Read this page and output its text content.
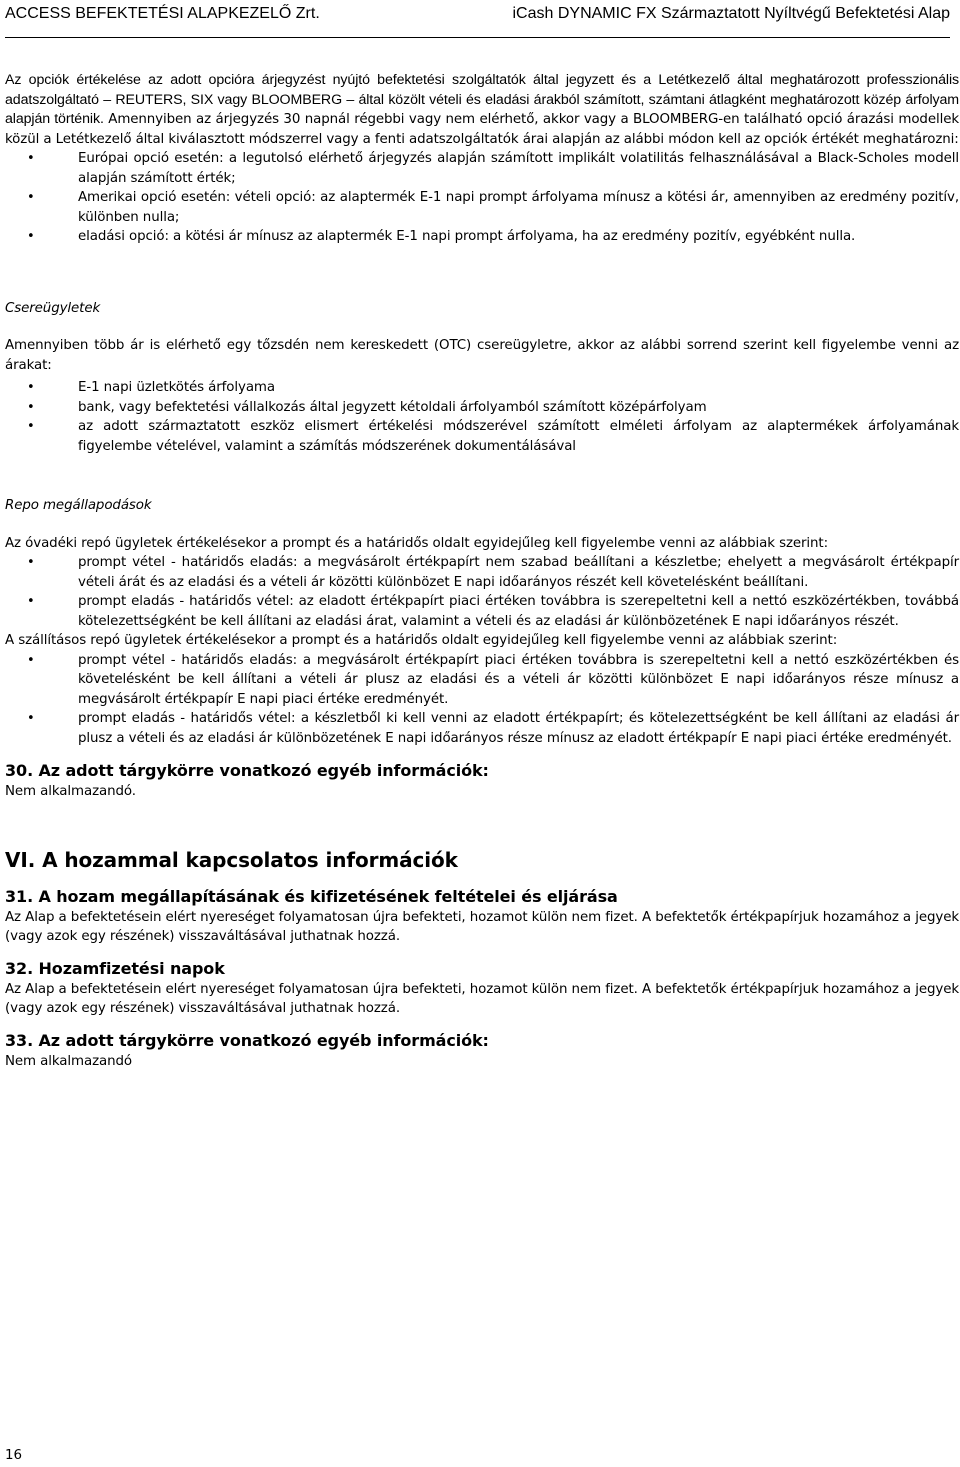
ACCESS BEFEKTETÉSI ALAPKEZELŐ Zrt.	iCash DYNAMIC FX Származtatott Nyíltvégű Befektetési Alap

Az opciók értékelése az adott opcióra árjegyzést nyújtó befektetési szolgáltatók által jegyzett és a Letétkezelő által meghatározott professzionális adatszolgáltató – REUTERS, SIX vagy BLOOMBERG – által közölt vételi és eladási árakból számított, számtani átlagként meghatározott közép árfolyam alapján történik. Amennyiben az árjegyzés 30 napnál régebbi vagy nem elérhető, akkor vagy a BLOOMBERG-en található opció árazási modellek közül a Letétkezelő által kiválasztott módszerrel vagy a fenti adatszolgáltatók árai alapján az alábbi módon kell az opciók értékét meghatározni:

• Európai opció esetén: a legutolsó elérhető árjegyzés alapján számított implikált volatilitás felhasználásával a Black-Scholes modell alapján számított érték;
• Amerikai opció esetén: vételi opció: az alaptermék E-1 napi prompt árfolyama mínusz a kötési ár, amennyiben az eredmény pozitív, különben nulla;
• eladási opció: a kötési ár mínusz az alaptermék E-1 napi prompt árfolyama, ha az eredmény pozitív, egyébként nulla.

Csereügyletek

Amennyiben több ár is elérhető egy tőzsdén nem kereskedett (OTC) csereügyletre, akkor az alábbi sorrend szerint kell figyelembe venni az árakat:

• E-1 napi üzletkötés árfolyama
• bank, vagy befektetési vállalkozás által jegyzett kétoldali árfolyamból számított középárfolyam
• az adott származtatott eszköz elismert értékelési módszerével számított elméleti árfolyam az alaptermékek árfolyamának figyelembe vételével, valamint a számítás módszerének dokumentálásával

Repo megállapodások

Az óvadéki repó ügyletek értékelésekor a prompt és a határidős oldalt egyidejűleg kell figyelembe venni az alábbiak szerint:

• prompt vétel - határidős eladás: a megvásárolt értékpapírt nem szabad beállítani a készletbe; ehelyett a megvásárolt értékpapír vételi árát és az eladási és a vételi ár közötti különbözet E napi időarányos részét kell követelésként beállítani.
• prompt eladás - határidős vétel: az eladott értékpapírt piaci értéken továbbra is szerepeltetni kell a nettó eszközértékben, továbbá kötelezettségként be kell állítani az eladási árat, valamint a vételi és az eladási ár különbözetének E napi időarányos részét.

A szállításos repó ügyletek értékelésekor a prompt és a határidős oldalt egyidejűleg kell figyelembe venni az alábbiak szerint:

• prompt vétel - határidős eladás: a megvásárolt értékpapírt piaci értéken továbbra is szerepeltetni kell a nettó eszközértékben és követelésként be kell állítani a vételi ár plusz az eladási és a vételi ár közötti különbözet E napi időarányos része mínusz a megvásárolt értékpapír E napi piaci értéke eredményét.
• prompt eladás - határidős vétel: a készletből ki kell venni az eladott értékpapírt; és kötelezettségként be kell állítani az eladási ár plusz a vételi és az eladási ár különbözetének E napi időarányos része mínusz az eladott értékpapír E napi piaci értéke eredményét.

30. Az adott tárgykörre vonatkozó egyéb információk:

Nem alkalmazandó.

VI. A hozammal kapcsolatos információk

31. A hozam megállapításának és kifizetésének feltételei és eljárása

Az Alap a befektetésein elért nyereséget folyamatosan újra befekteti, hozamot külön nem fizet. A befektetők értékpapírjuk hozamához a jegyek (vagy azok egy részének) visszaváltásával juthatnak hozzá.

32. Hozamfizetési napok

Az Alap a befektetésein elért nyereséget folyamatosan újra befekteti, hozamot külön nem fizet. A befektetők értékpapírjuk hozamához a jegyek (vagy azok egy részének) visszaváltásával juthatnak hozzá.

33. Az adott tárgykörre vonatkozó egyéb információk:

Nem alkalmazandó

16
